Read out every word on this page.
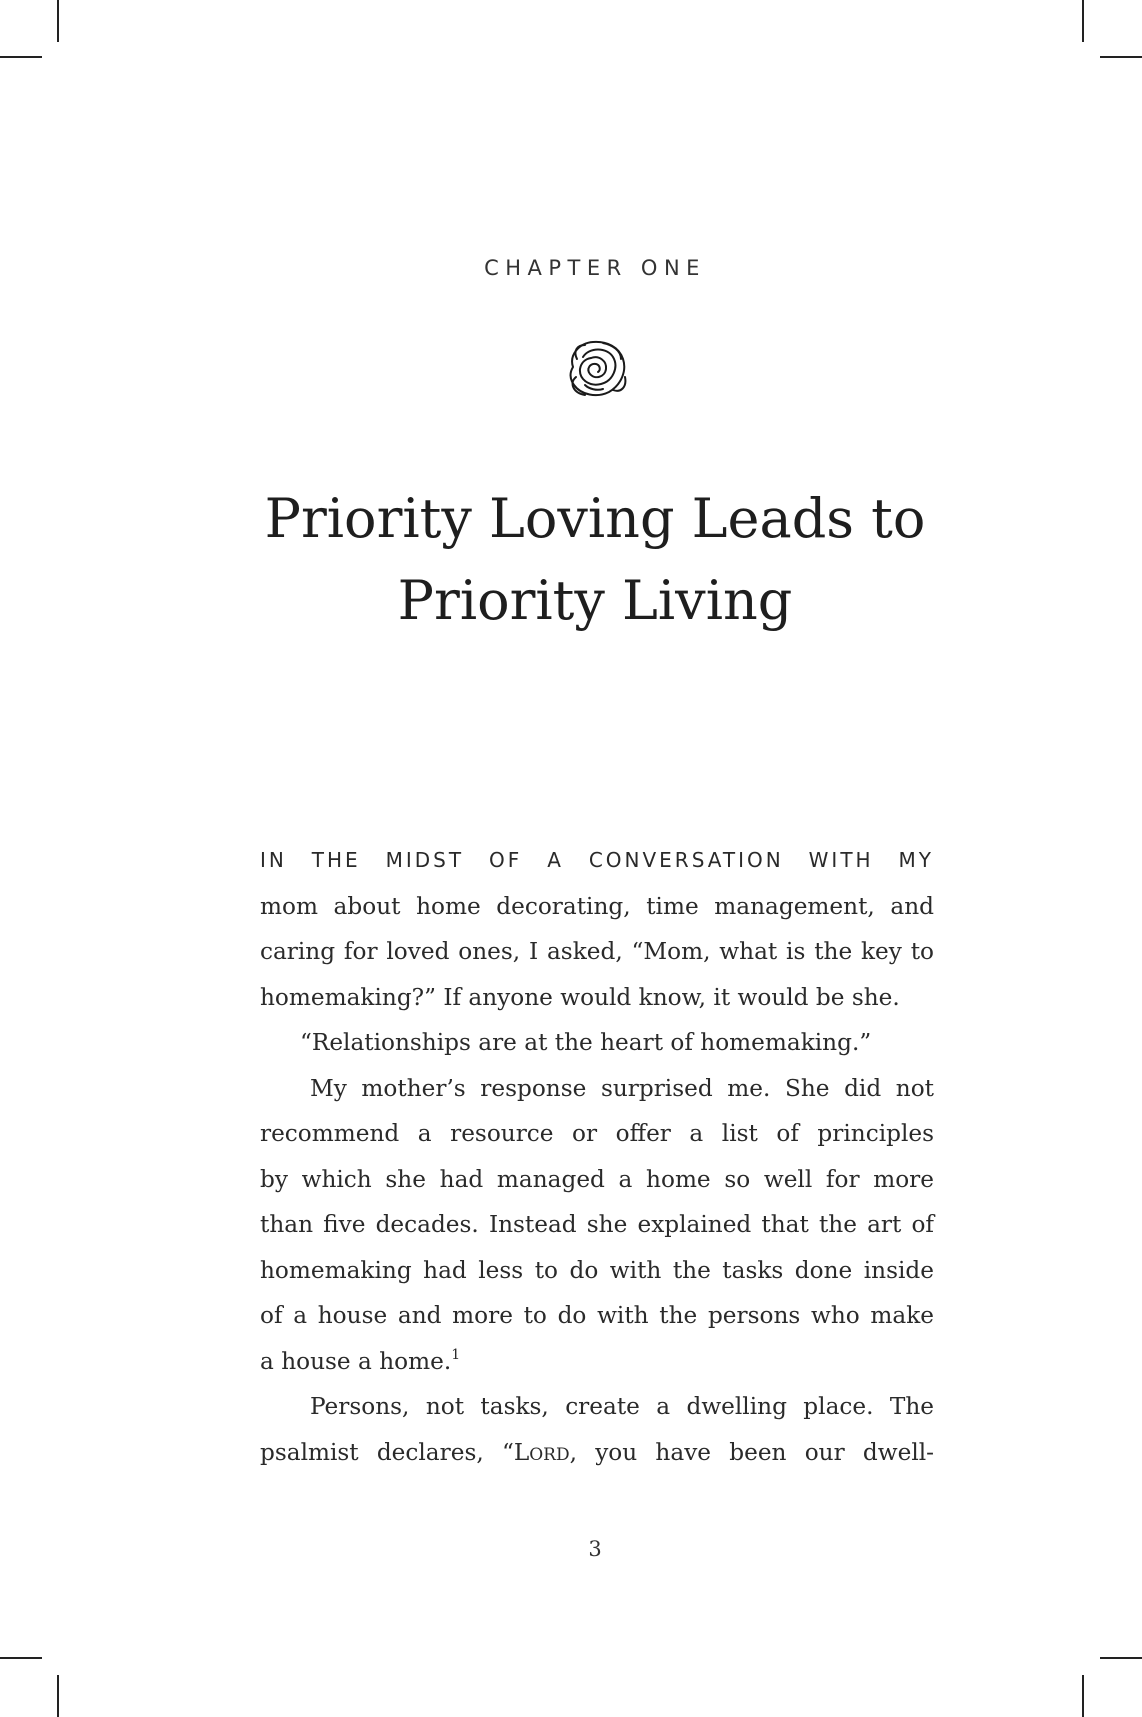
CHAPTER ONE
Priority Loving Leads to
Priority Living
IN THE MIDST OF A CONVERSATION WITH MY
mom about home decorating, time management, and
caring for loved ones, I asked, “Mom, what is the key to
homemaking?” If anyone would know, it would be she.
“Relationships are at the heart of homemaking.”
My mother’s response surprised me. She did not
recommend a resource or offer a list of principles
by which she had managed a home so well for more
than five decades. Instead she explained that the art of
homemaking had less to do with the tasks done inside
of a house and more to do with the persons who make
a house a home.$^1$
Persons, not tasks, create a dwelling place. The
psalmist declares, “LORD, you have been our dwell-
3
